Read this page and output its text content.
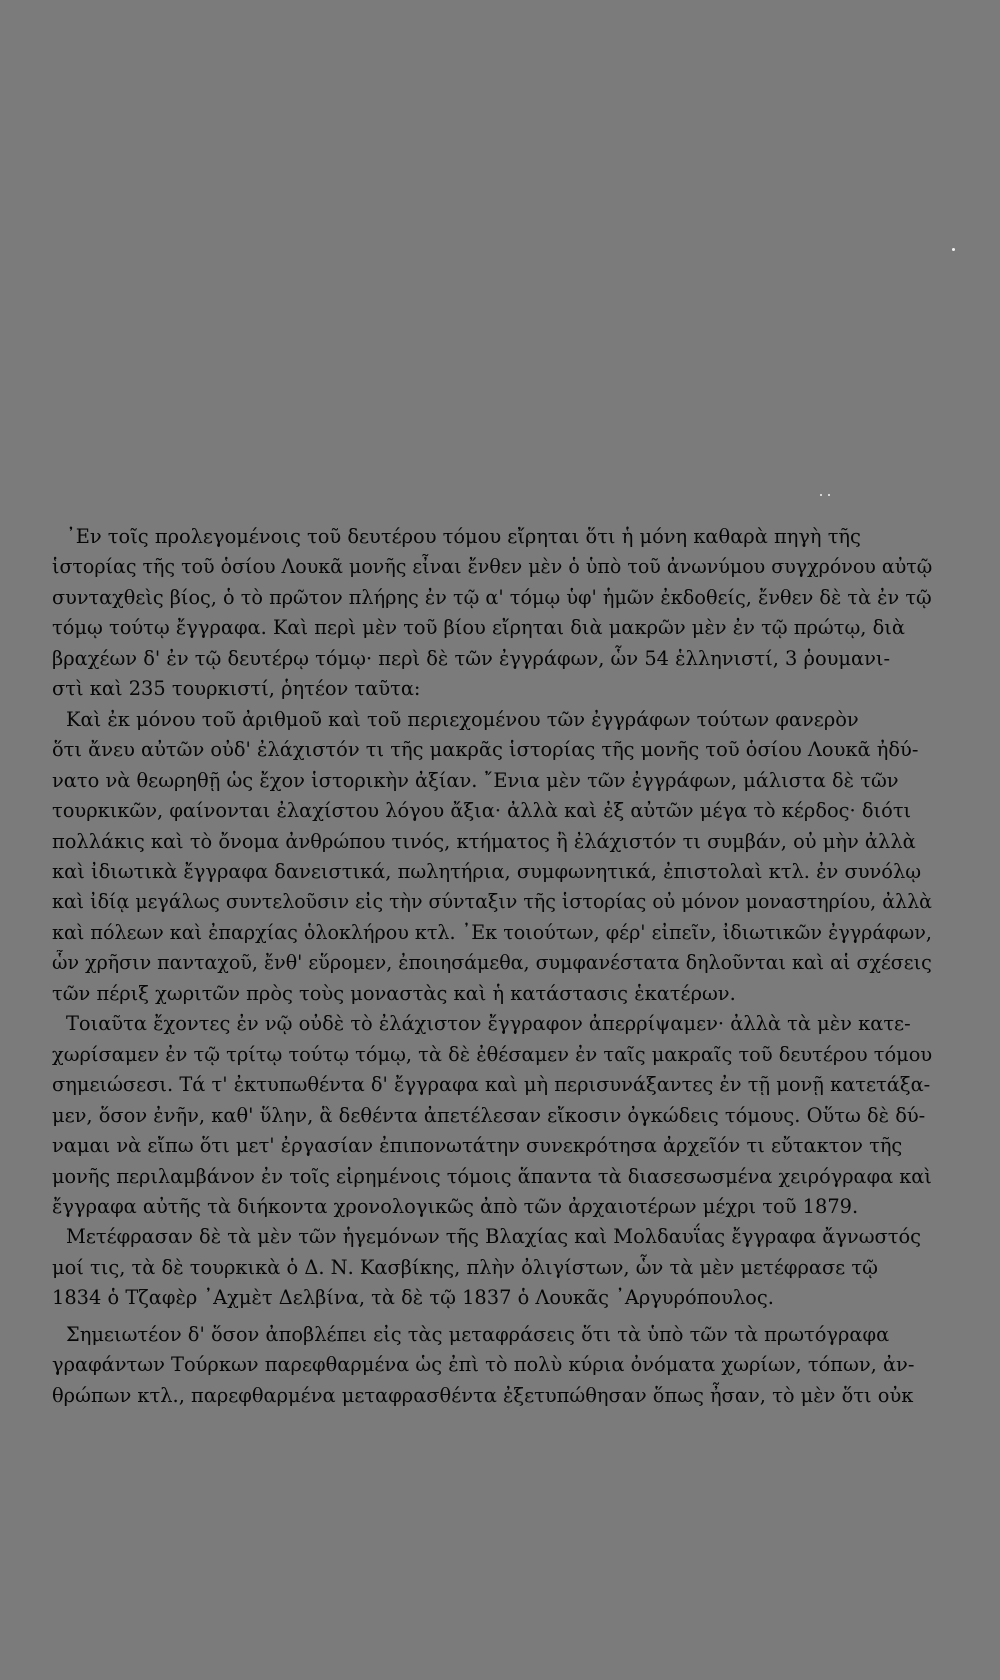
᾿Εν τοῖς προλεγομένοις τοῦ δευτέρου τόμου εἴρηται ὅτι ἡ μόνη καθαρὰ πηγὴ τῆς

ἱστορίας τῆς τοῦ ὁσίου Λουκᾶ μονῆς εἶναι ἔνθεν μὲν ὁ ὑπὸ τοῦ ἀνωνύμου συγχρόνου αὐτῷ

συνταχθεὶς βίος, ὁ τὸ πρῶτον πλήρης ἐν τῷ α' τόμῳ ὑφ' ἡμῶν ἐκδοθείς, ἔνθεν δὲ τὰ ἐν τῷ

τόμῳ τούτῳ ἔγγραφα. Καὶ περὶ μὲν τοῦ βίου εἴρηται διὰ μακρῶν μὲν ἐν τῷ πρώτῳ, διὰ

βραχέων δ' ἐν τῷ δευτέρῳ τόμῳ· περὶ δὲ τῶν ἐγγράφων, ὧν 54 ἑλληνιστί, 3 ῥουμανι-

στὶ καὶ 235 τουρκιστί, ῥητέον ταῦτα:

Καὶ ἐκ μόνου τοῦ ἀριθμοῦ καὶ τοῦ περιεχομένου τῶν ἐγγράφων τούτων φανερὸν

ὅτι ἄνευ αὐτῶν οὐδ' ἐλάχιστόν τι τῆς μακρᾶς ἱστορίας τῆς μονῆς τοῦ ὁσίου Λουκᾶ ἠδύ-

νατο νὰ θεωρηθῇ ὡς ἔχον ἱστορικὴν ἀξίαν. ῎Ενια μὲν τῶν ἐγγράφων, μάλιστα δὲ τῶν

τουρκικῶν, φαίνονται ἐλαχίστου λόγου ἄξια· ἀλλὰ καὶ ἐξ αὐτῶν μέγα τὸ κέρδος· διότι

πολλάκις καὶ τὸ ὄνομα ἀνθρώπου τινός, κτήματος ἢ ἐλάχιστόν τι συμβάν, οὐ μὴν ἀλλὰ

καὶ ἰδιωτικὰ ἔγγραφα δανειστικά, πωλητήρια, συμφωνητικά, ἐπιστολαὶ κτλ. ἐν συνόλῳ

καὶ ἰδίᾳ μεγάλως συντελοῦσιν εἰς τὴν σύνταξιν τῆς ἱστορίας οὐ μόνον μοναστηρίου, ἀλλὰ

καὶ πόλεων καὶ ἐπαρχίας ὁλοκλήρου κτλ. ᾿Εκ τοιούτων, φέρ' εἰπεῖν, ἰδιωτικῶν ἐγγράφων,

ὧν χρῆσιν πανταχοῦ, ἔνθ' εὕρομεν, ἐποιησάμεθα, συμφανέστατα δηλοῦνται καὶ αἱ σχέσεις

τῶν πέριξ χωριτῶν πρὸς τοὺς μοναστὰς καὶ ἡ κατάστασις ἑκατέρων.

Τοιαῦτα ἔχοντες ἐν νῷ οὐδὲ τὸ ἐλάχιστον ἔγγραφον ἀπερρίψαμεν· ἀλλὰ τὰ μὲν κατε-

χωρίσαμεν ἐν τῷ τρίτῳ τούτῳ τόμῳ, τὰ δὲ ἐθέσαμεν ἐν ταῖς μακραῖς τοῦ δευτέρου τόμου

σημειώσεσι. Τά τ' ἐκτυπωθέντα δ' ἔγγραφα καὶ μὴ περισυνάξαντες ἐν τῇ μονῇ κατετάξα-

μεν, ὅσον ἐνῆν, καθ' ὕλην, ἃ δεθέντα ἀπετέλεσαν εἴκοσιν ὀγκώδεις τόμους. Οὕτω δὲ δύ-

ναμαι νὰ εἴπω ὅτι μετ' ἐργασίαν ἐπιπονωτάτην συνεκρότησα ἀρχεῖόν τι εὔτακτον τῆς

μονῆς περιλαμβάνον ἐν τοῖς εἰρημένοις τόμοις ἅπαντα τὰ διασεσωσμένα χειρόγραφα καὶ

ἔγγραφα αὐτῆς τὰ διήκοντα χρονολογικῶς ἀπὸ τῶν ἀρχαιοτέρων μέχρι τοῦ 1879.

Μετέφρασαν δὲ τὰ μὲν τῶν ἡγεμόνων τῆς Βλαχίας καὶ Μολδαυΐας ἔγγραφα ἄγνωστός

μοί τις, τὰ δὲ τουρκικὰ ὁ Δ. Ν. Κασβίκης, πλὴν ὀλιγίστων, ὧν τὰ μὲν μετέφρασε τῷ

1834 ὁ Τζαφὲρ ᾿Αχμὲτ Δελβίνα, τὰ δὲ τῷ 1837 ὁ Λουκᾶς ᾿Αργυρόπουλος.

Σημειωτέον δ' ὅσον ἀποβλέπει εἰς τὰς μεταφράσεις ὅτι τὰ ὑπὸ τῶν τὰ πρωτόγραφα

γραφάντων Τούρκων παρεφθαρμένα ὡς ἐπὶ τὸ πολὺ κύρια ὀνόματα χωρίων, τόπων, ἀν-

θρώπων κτλ., παρεφθαρμένα μεταφρασθέντα ἐξετυπώθησαν ὅπως ἦσαν, τὸ μὲν ὅτι οὐκ
